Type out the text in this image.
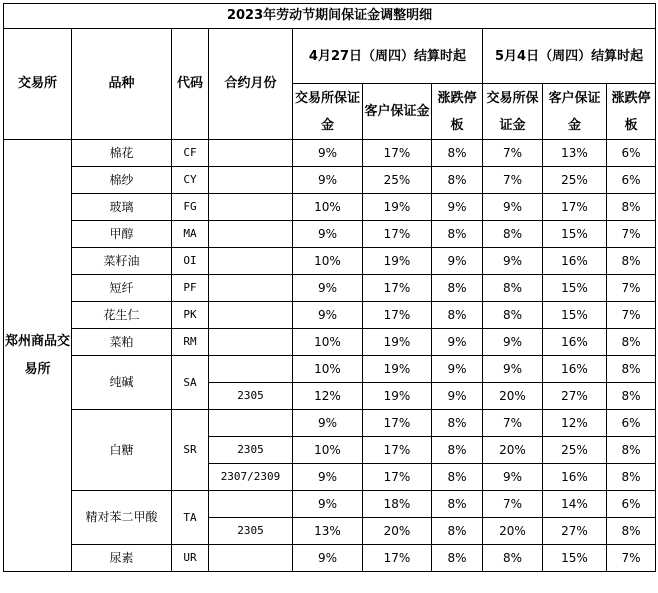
2023年劳动节期间保证金调整明细									
交易所	品种	代码	合约月份	4月27日（周四）结算时起			5月4日（周四）结算时起		
				交易所保证金	客户保证金	涨跌停板	交易所保证金	客户保证金	涨跌停板
郑州商品交易所	棉花	CF		9%	17%	8%	7%	13%	6%
	棉纱	CY		9%	25%	8%	7%	25%	6%
	玻璃	FG		10%	19%	9%	9%	17%	8%
	甲醇	MA		9%	17%	8%	8%	15%	7%
	菜籽油	OI		10%	19%	9%	9%	16%	8%
	短纤	PF		9%	17%	8%	8%	15%	7%
	花生仁	PK		9%	17%	8%	8%	15%	7%
	菜粕	RM		10%	19%	9%	9%	16%	8%
	纯碱	SA		10%	19%	9%	9%	16%	8%
			2305	12%	19%	9%	20%	27%	8%
	白糖	SR		9%	17%	8%	7%	12%	6%
			2305	10%	17%	8%	20%	25%	8%
			2307/2309	9%	17%	8%	9%	16%	8%
	精对苯二甲酸	TA		9%	18%	8%	7%	14%	6%
			2305	13%	20%	8%	20%	27%	8%
	尿素	UR		9%	17%	8%	8%	15%	7%
